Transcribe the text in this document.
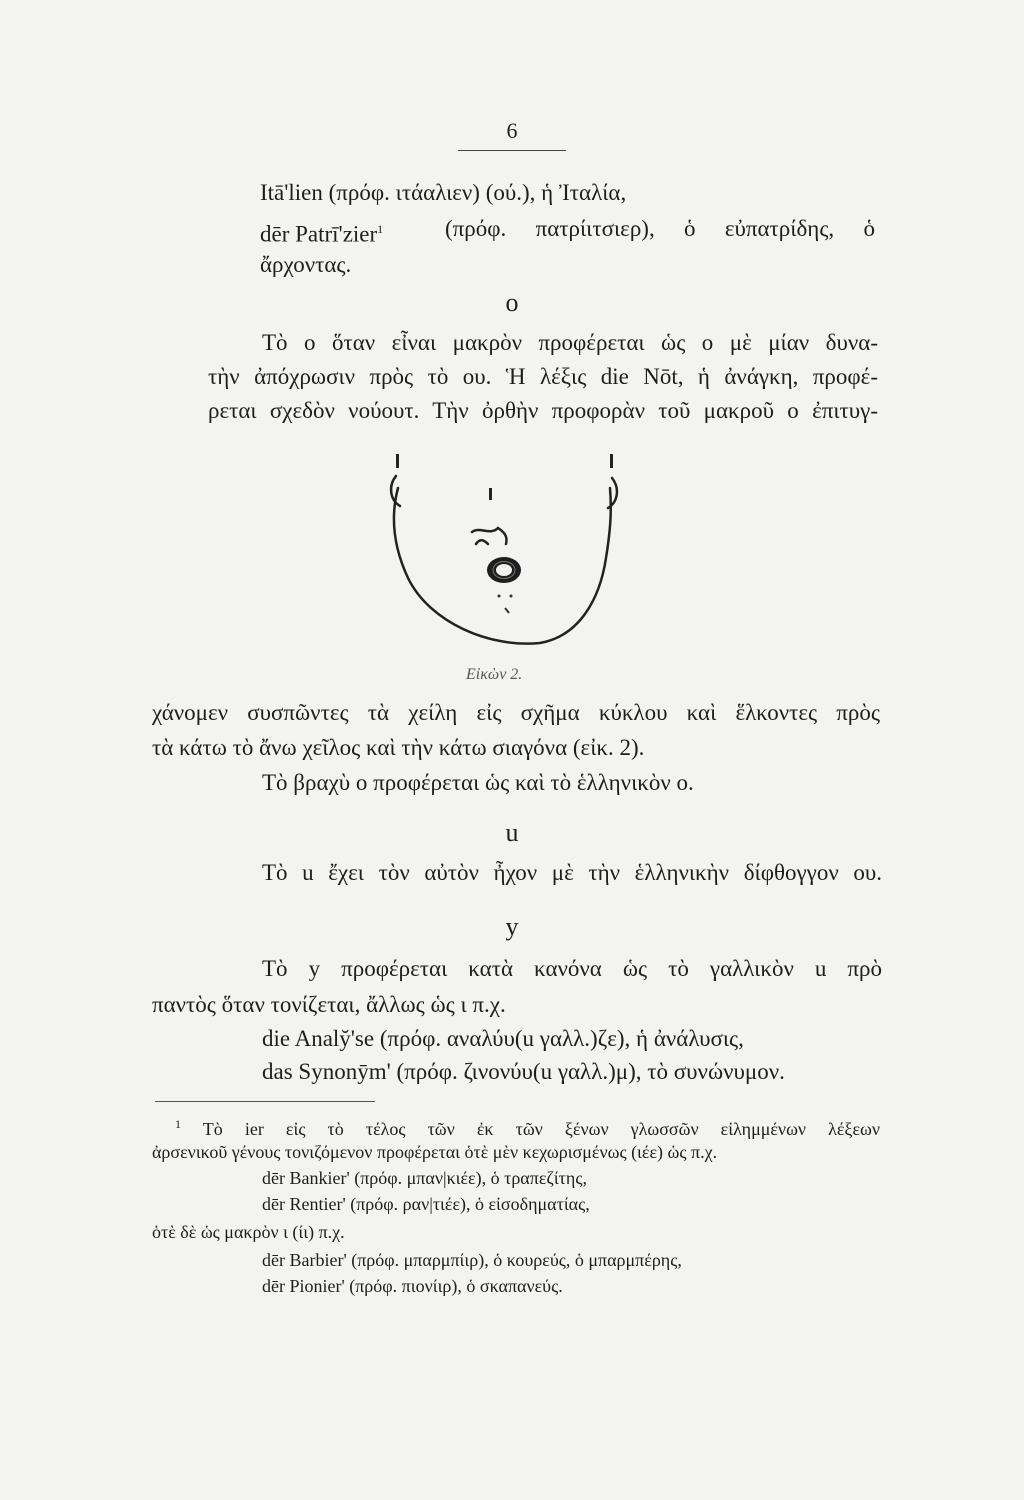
6
Itā'lien (πρόφ. ιτάαλιεν) (ού.), ἡ Ἰταλία,
dēr Patrī'zier$^1$	(πρόφ. πατρίιτσιερ), ὁ εὐπατρίδης, ὁ
ἄρχοντας.
o
Τὸ o ὅταν εἶναι μακρὸν προφέρεται ὡς ο μὲ μίαν δυνα-
τὴν ἀπόχρωσιν πρὸς τὸ ου. Ἡ λέξις die Nōt, ἡ ἀνάγκη, προφέ-
ρεται σχεδὸν νούουτ. Τὴν ὀρθὴν προφορὰν τοῦ μακροῦ o ἐπιτυγ-
Εἰκὼν 2.
χάνομεν συσπῶντες τὰ χείλη εἰς σχῆμα κύκλου καὶ ἕλκοντες πρὸς
τὰ κάτω τὸ ἄνω χεῖλος καὶ τὴν κάτω σιαγόνα (εἰκ. 2).
Τὸ βραχὺ o προφέρεται ὡς καὶ τὸ ἑλληνικὸν ο.
u
Τὸ u ἔχει τὸν αὐτὸν ἦχον μὲ τὴν ἑλληνικὴν δίφθογγον ου.
y
Τὸ y προφέρεται κατὰ κανόνα ὡς τὸ γαλλικὸν u πρὸ
παντὸς ὅταν τονίζεται, ἄλλως ὡς ι π.χ.
die Analy̆'se (πρόφ. αναλύυ(u γαλλ.)ζε), ἡ ἀνάλυσις,
das Synonȳm' (πρόφ. ζινονύυ(u γαλλ.)μ), τὸ συνώνυμον.
$^1$ Τὸ ier εἰς τὸ τέλος τῶν ἐκ τῶν ξένων γλωσσῶν εἰλημμένων λέξεων
ἀρσενικοῦ γένους τονιζόμενον προφέρεται ὁτὲ μὲν κεχωρισμένως (ιέε) ὡς π.χ.
dēr Bankier' (πρόφ. μπαν|κιέε), ὁ τραπεζίτης,
dēr Rentier' (πρόφ. ραν|τιέε), ὁ εἰσοδηματίας,
ὁτὲ δὲ ὡς μακρὸν ι (ίι) π.χ.
dēr Barbier' (πρόφ. μπαρμπίιρ), ὁ κουρεύς, ὁ μπαρμπέρης,
dēr Pionier' (πρόφ. πιονίιρ), ὁ σκαπανεύς.
